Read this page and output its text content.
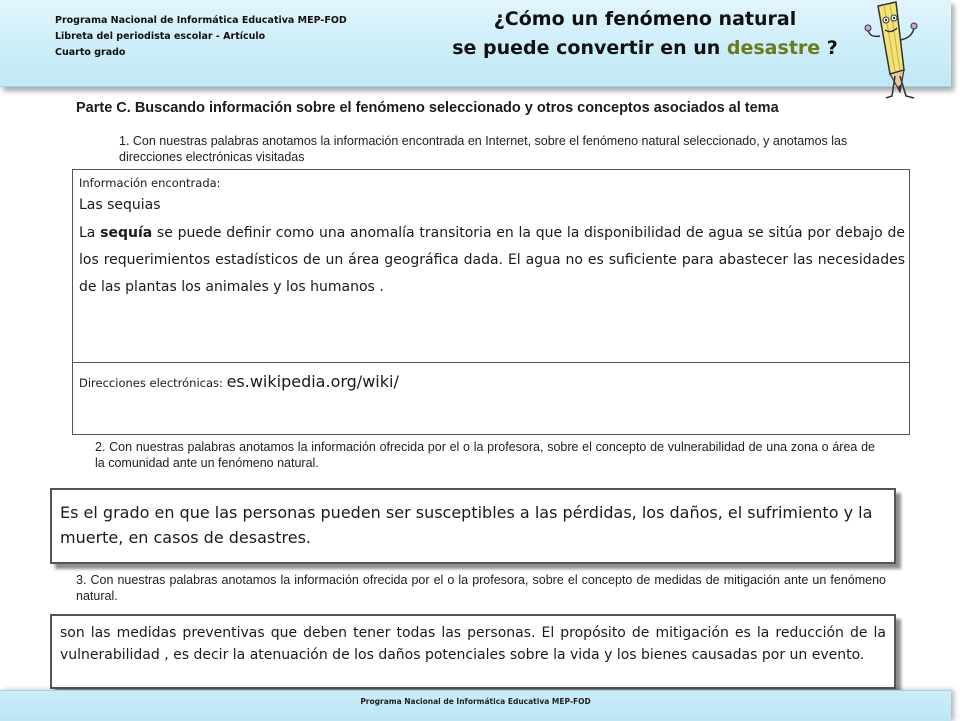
Programa Nacional de Informática Educativa MEP-FOD
Libreta del periodista escolar - Artículo
Cuarto grado
¿Cómo un fenómeno natural
se puede convertir en un desastre ?
Parte C. Buscando información sobre el fenómeno seleccionado y otros conceptos asociados al tema
1. Con nuestras palabras anotamos la información encontrada en Internet, sobre el fenómeno natural seleccionado, y anotamos las direcciones electrónicas visitadas
Información encontrada:
Las sequias
La sequía se puede definir como una anomalía transitoria en la que la disponibilidad de agua se sitúa por debajo de los requerimientos estadísticos de un área geográfica dada. El agua no es suficiente para abastecer las necesidades de las plantas los animales y los humanos .
Direcciones electrónicas: es.wikipedia.org/wiki/
2. Con nuestras palabras anotamos la información ofrecida por el o la profesora, sobre el concepto de vulnerabilidad de una zona o área de la comunidad ante un fenómeno natural.
Es el grado en que las personas pueden ser susceptibles a las pérdidas, los daños, el sufrimiento y la muerte, en casos de desastres.
3. Con nuestras palabras anotamos la información ofrecida por el o la profesora, sobre el concepto de medidas de mitigación ante un fenómeno natural.
son las medidas preventivas que deben tener todas las personas. El propósito de mitigación es la reducción de la vulnerabilidad , es decir la atenuación de los daños potenciales sobre la vida y los bienes causadas por un evento.
Programa Nacional de Informática Educativa MEP-FOD
